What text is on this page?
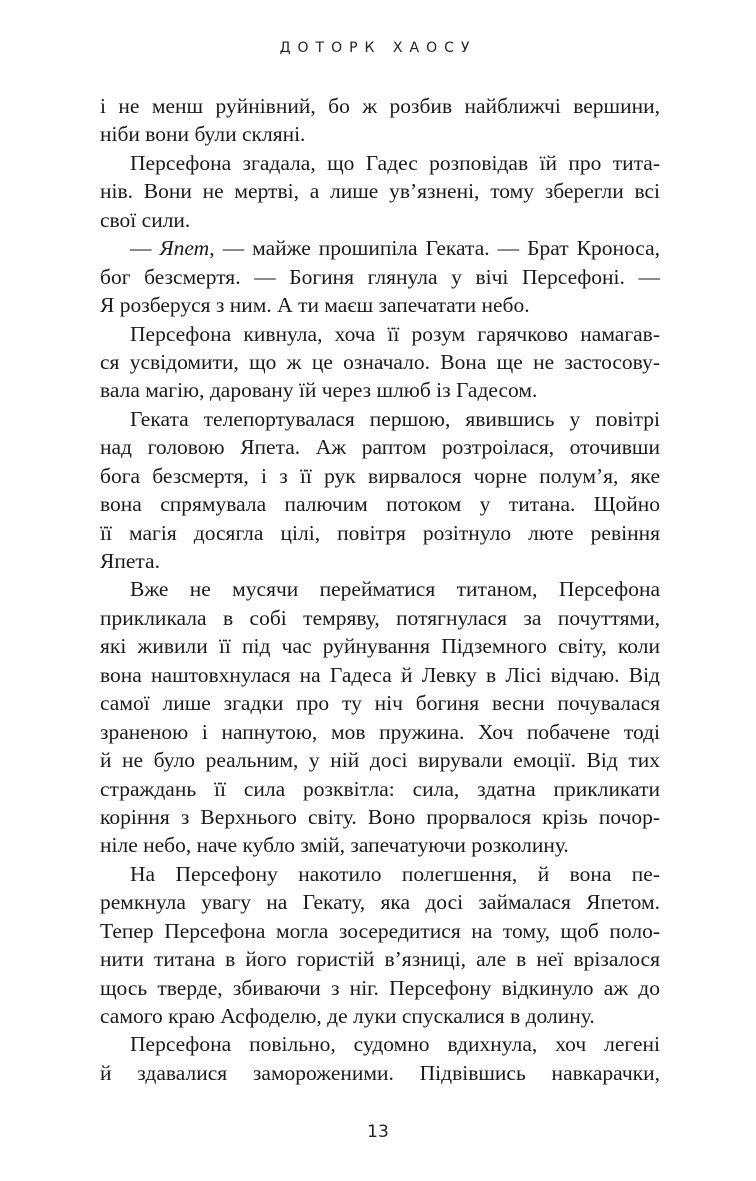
ДОТОРК ХАОСУ
і не менш руйнівний, бо ж розбив найближчі вершини,
ніби вони були скляні.
Персефона згадала, що Гадес розповідав їй про тита-
нів. Вони не мертві, а лише ув’язнені, тому зберегли всі
свої сили.
— Япет, — майже прошипіла Геката. — Брат Кроноса,
бог безсмертя. — Богиня глянула у вічі Персефоні. —
Я розберуся з ним. А ти маєш запечатати небо.
Персефона кивнула, хоча її розум гарячково намагав-
ся усвідомити, що ж це означало. Вона ще не застосову-
вала магію, даровану їй через шлюб із Гадесом.
Геката телепортувалася першою, явившись у повітрі
над головою Япета. Аж раптом розтроілася, оточивши
бога безсмертя, і з її рук вирвалося чорне полум’я, яке
вона спрямувала палючим потоком у титана. Щойно
її магія досягла цілі, повітря розітнуло люте ревіння
Япета.
Вже не мусячи перейматися титаном, Персефона
прикликала в собі темряву, потягнулася за почуттями,
які живили її під час руйнування Підземного світу, коли
вона наштовхнулася на Гадеса й Левку в Лісі відчаю. Від
самої лише згадки про ту ніч богиня весни почувалася
зраненою і напнутою, мов пружина. Хоч побачене тоді
й не було реальним, у ній досі вирували емоції. Від тих
страждань її сила розквітла: сила, здатна прикликати
коріння з Верхнього світу. Воно прорвалося крізь почор-
ніле небо, наче кубло змій, запечатуючи розколину.
На Персефону накотило полегшення, й вона пе-
ремкнула увагу на Гекату, яка досі займалася Япетом.
Тепер Персефона могла зосередитися на тому, щоб поло-
нити титана в його гористій в’язниці, але в неї врізалося
щось тверде, збиваючи з ніг. Персефону відкинуло аж до
самого краю Асфоделю, де луки спускалися в долину.
Персефона повільно, судомно вдихнула, хоч легені
й здавалися замороженими. Підвівшись навкарачки,
13
